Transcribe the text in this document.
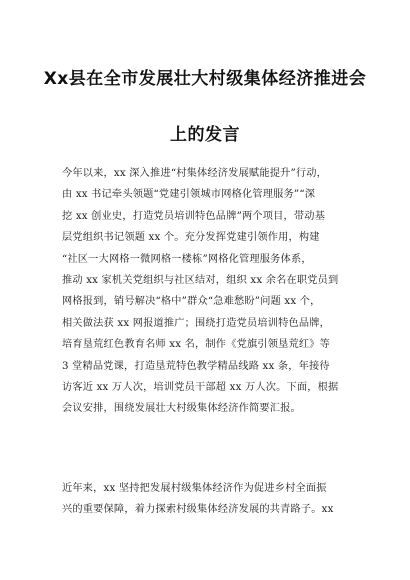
Xx县在全市发展壮大村级集体经济推进会
上的发言
今年以来，xx 深入推进“村集体经济发展赋能提升”行动，
由 xx 书记牵头领题“党建引领城市网格化管理服务”“深
挖 xx 创业史，打造党员培训特色品牌”两个项目，带动基
层党组织书记领题 xx 个。充分发挥党建引领作用，构建
“社区一大网格一微网格一楼栋”网格化管理服务体系，
推动 xx 家机关党组织与社区结对，组织 xx 余名在职党员到
网格报到，销号解决“格中”群众“急难愁盼”问题 xx 个，
相关做法获 xx 网报道推广；围绕打造党员培训特色品牌，
培育垦荒红色教育名师 xx 名，制作《党旗引领垦荒红》等
3 堂精品党课，打造垦荒特色教学精品线路 xx 条，年接待
访客近 xx 万人次，培训党员干部超 xx 万人次。下面，根据
会议安排，围绕发展壮大村级集体经济作简要汇报。
近年来，xx 坚持把发展村级集体经济作为促进乡村全面振
兴的重要保障，着力探索村级集体经济发展的共青路子。xx
